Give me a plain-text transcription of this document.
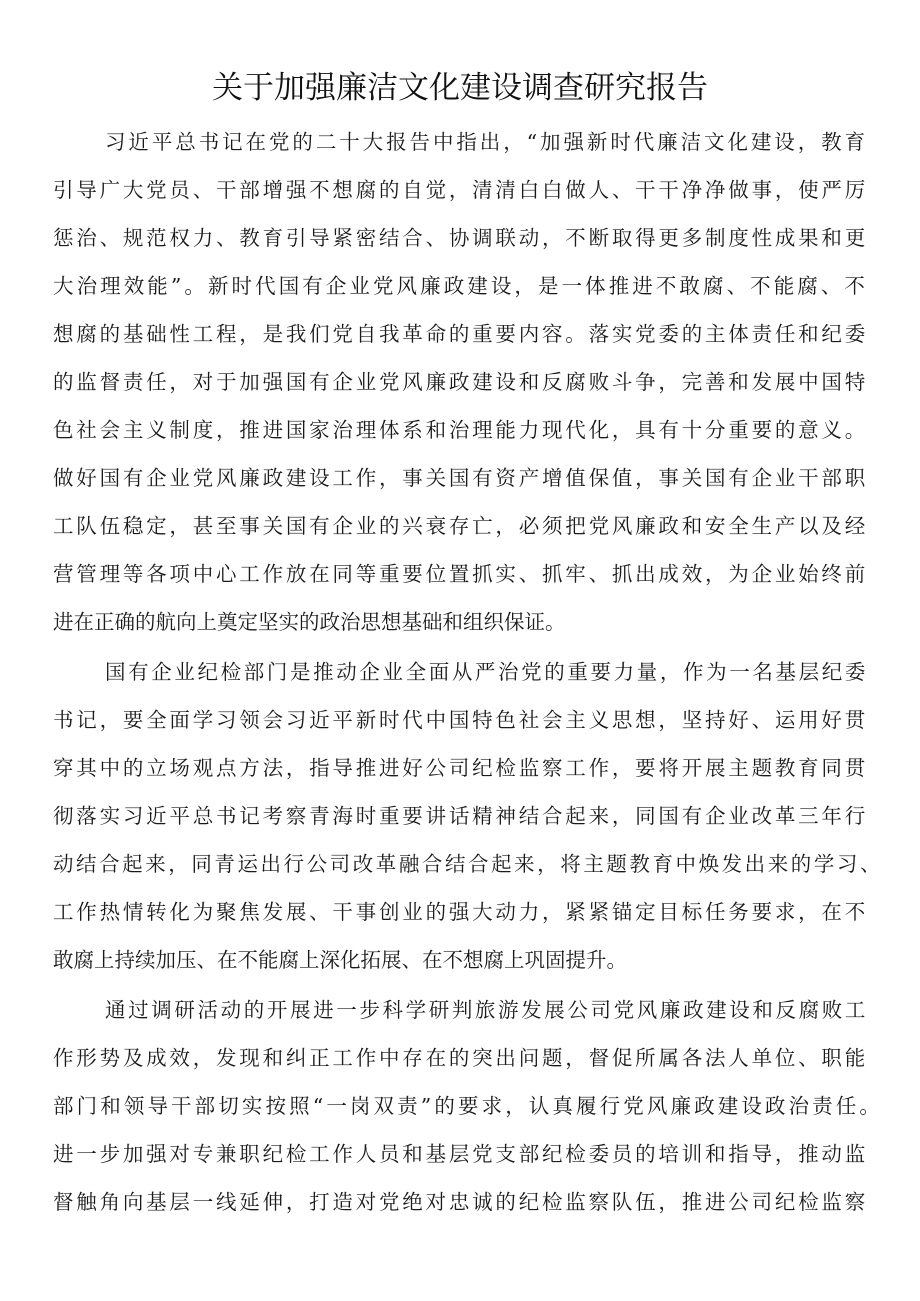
关于加强廉洁文化建设调查研究报告
习近平总书记在党的二十大报告中指出，“加强新时代廉洁文化建设，教育
引导广大党员、干部增强不想腐的自觉，清清白白做人、干干净净做事，使严厉
惩治、规范权力、教育引导紧密结合、协调联动，不断取得更多制度性成果和更
大治理效能”。新时代国有企业党风廉政建设，是一体推进不敢腐、不能腐、不
想腐的基础性工程，是我们党自我革命的重要内容。落实党委的主体责任和纪委
的监督责任，对于加强国有企业党风廉政建设和反腐败斗争，完善和发展中国特
色社会主义制度，推进国家治理体系和治理能力现代化，具有十分重要的意义。
做好国有企业党风廉政建设工作，事关国有资产增值保值，事关国有企业干部职
工队伍稳定，甚至事关国有企业的兴衰存亡，必须把党风廉政和安全生产以及经
营管理等各项中心工作放在同等重要位置抓实、抓牢、抓出成效，为企业始终前
进在正确的航向上奠定坚实的政治思想基础和组织保证。
国有企业纪检部门是推动企业全面从严治党的重要力量，作为一名基层纪委
书记，要全面学习领会习近平新时代中国特色社会主义思想，坚持好、运用好贯
穿其中的立场观点方法，指导推进好公司纪检监察工作，要将开展主题教育同贯
彻落实习近平总书记考察青海时重要讲话精神结合起来，同国有企业改革三年行
动结合起来，同青运出行公司改革融合结合起来，将主题教育中焕发出来的学习、
工作热情转化为聚焦发展、干事创业的强大动力，紧紧锚定目标任务要求，在不
敢腐上持续加压、在不能腐上深化拓展、在不想腐上巩固提升。
通过调研活动的开展进一步科学研判旅游发展公司党风廉政建设和反腐败工
作形势及成效，发现和纠正工作中存在的突出问题，督促所属各法人单位、职能
部门和领导干部切实按照“一岗双责”的要求，认真履行党风廉政建设政治责任。
进一步加强对专兼职纪检工作人员和基层党支部纪检委员的培训和指导，推动监
督触角向基层一线延伸，打造对党绝对忠诚的纪检监察队伍，推进公司纪检监察
